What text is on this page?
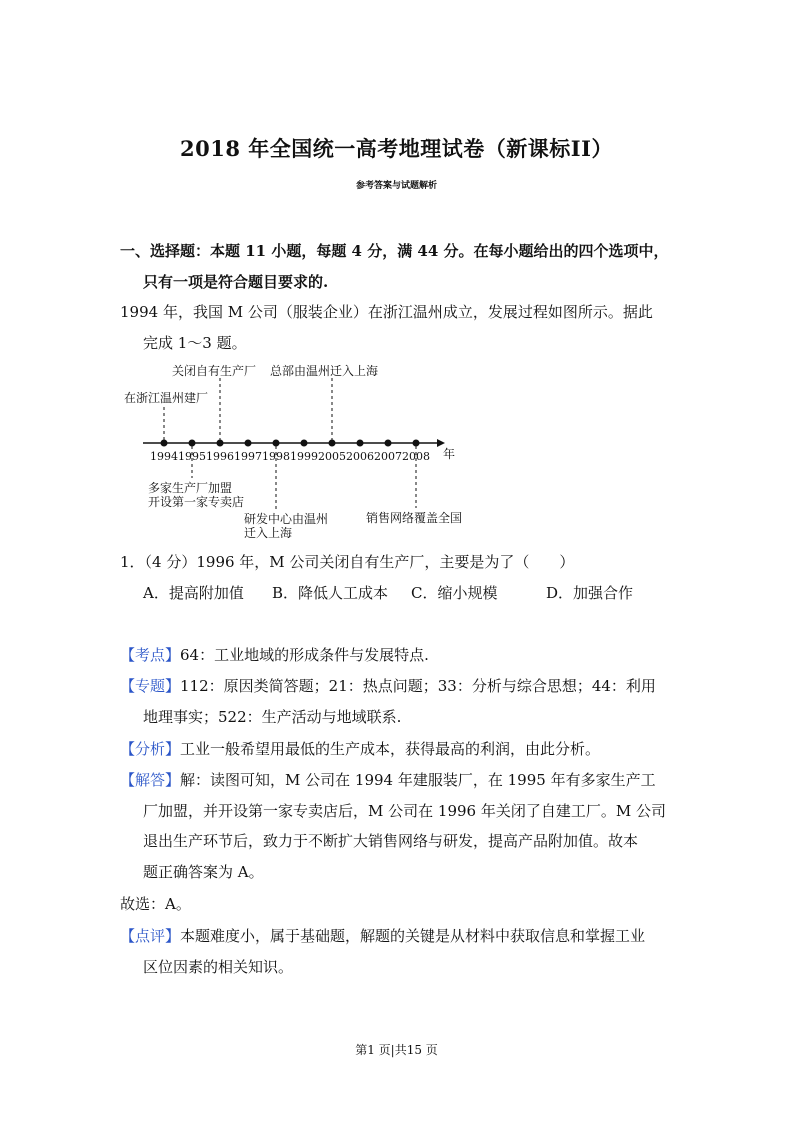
2018 年全国统一高考地理试卷（新课标II）
参考答案与试题解析
一、选择题：本题 11 小题，每题 4 分，满 44 分。在每小题给出的四个选项中，
只有一项是符合题目要求的.
1994 年，我国 M 公司（服装企业）在浙江温州成立，发展过程如图所示。据此
完成 1～3 题。
1994 1995 1996 1997 1998 1999 2005 2006 2007 2008 年
在浙江温州建厂
关闭自有生产厂 总部由温州迁入上海
多家生产厂加盟
开设第一家专卖店
研发中心由温州
迁入上海
销售网络覆盖全国
1．（4 分）1996 年，M 公司关闭自有生产厂，主要是为了（　　）
A．提高附加值 B．降低人工成本 C．缩小规模	D．加强合作
【考点】64：工业地域的形成条件与发展特点.
【专题】112：原因类简答题；21：热点问题；33：分析与综合思想；44：利用
地理事实；522：生产活动与地域联系.
【分析】工业一般希望用最低的生产成本，获得最高的利润，由此分析。
【解答】解：读图可知，M 公司在 1994 年建服装厂，在 1995 年有多家生产工
厂加盟，并开设第一家专卖店后，M 公司在 1996 年关闭了自建工厂。M 公司
退出生产环节后，致力于不断扩大销售网络与研发，提高产品附加值。故本
题正确答案为 A。
故选：A。
【点评】本题难度小，属于基础题，解题的关键是从材料中获取信息和掌握工业
区位因素的相关知识。
第1 页|共15 页
